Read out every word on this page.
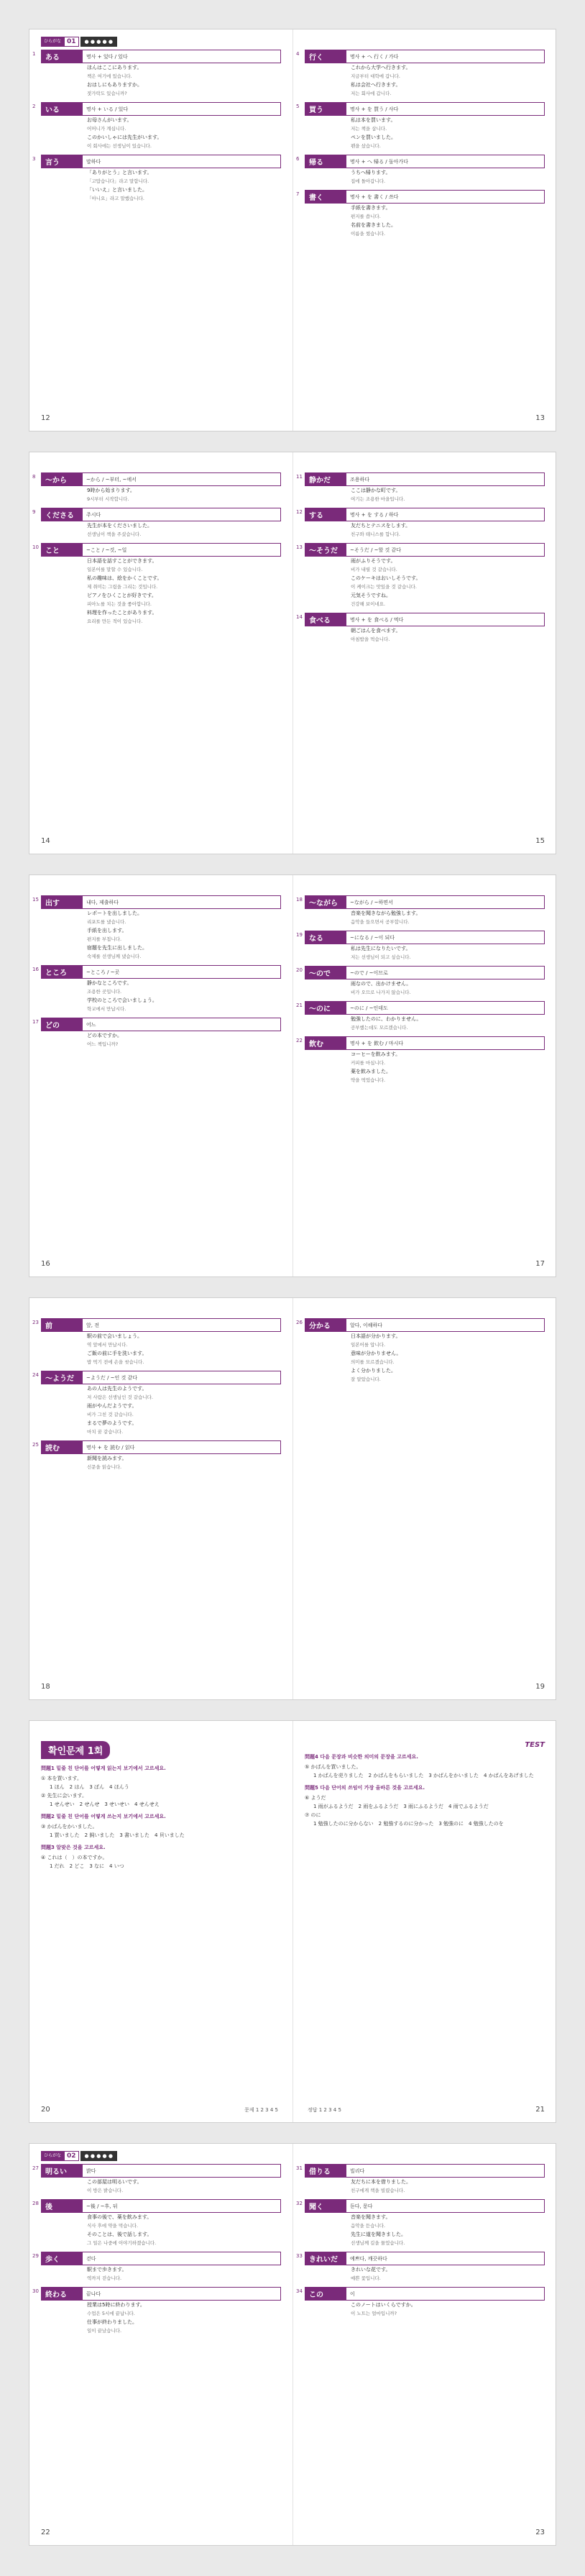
ひらがな 01	● ● ● ● ●
1 ある	명사 + 있다 / 있다
ほんはここにあります。
책은 여기에 있습니다.
おはしにもありますか。
젓가락도 있습니까?
2 いる	명사 + いる / 있다
お母さんがいます。
어머니가 계십니다.
このかいしゃには先生がいます。
이 회사에는 선생님이 있습니다.
3 言う	말하다
「ありがとう」と言います。
「고맙습니다」라고 말합니다.
「いいえ」と言いました。
「아니요」라고 말했습니다.
12
4 行く	명사 + へ 行く / 가다
これから大学へ行きます。
지금부터 대학에 갑니다.
私は会社へ行きます。
저는 회사에 갑니다.
5 買う	명사 + を 買う / 사다
私は本を買います。
저는 책을 삽니다.
ペンを買いました。
펜을 샀습니다.
6 帰る	명사 + へ 帰る / 돌아가다
うちへ帰ります。
집에 돌아갑니다.
7 書く	명사 + を 書く / 쓰다
手紙を書きます。
편지를 씁니다.
名前を書きました。
이름을 썼습니다.
13
8 ～から	~から / ~부터, ~에서
9時から始まります。
9시부터 시작합니다.
9 くださる	주시다
先生が本をくださいました。
선생님이 책을 주셨습니다.
10 こと	~こと / ~것, ~일
日本語を話すことができます。
일본어를 말할 수 있습니다.
私の趣味は、絵をかくことです。
제 취미는 그림을 그리는 것입니다.
ピアノをひくことが好きです。
피아노를 치는 것을 좋아합니다.
料理を作ったことがあります。
요리를 만든 적이 있습니다.
14
11 静かだ	조용하다
ここは静かな町です。
여기는 조용한 마을입니다.
12 する	명사 + を する / 하다
友だちとテニスをします。
친구와 테니스를 합니다.
13 ～そうだ	~そうだ / ~할 것 같다
雨がふりそうです。
비가 내릴 것 같습니다.
このケーキはおいしそうです。
이 케이크는 맛있을 것 같습니다.
元気そうですね。
건강해 보이네요.
14 食べる	명사 + を 食べる / 먹다
朝ごはんを食べます。
아침밥을 먹습니다.
15
15 出す	내다, 제출하다
レポートを出しました。
리포트를 냈습니다.
手紙を出します。
편지를 부칩니다.
宿題を先生に出しました。
숙제를 선생님께 냈습니다.
16 ところ	~ところ / ~곳
静かなところです。
조용한 곳입니다.
学校のところで会いましょう。
학교에서 만납시다.
17 どの	어느
どの本ですか。
어느 책입니까?
16
18 ～ながら	~ながら / ~하면서
音楽を聞きながら勉強します。
음악을 들으면서 공부합니다.
19 なる	~になる / ~이 되다
私は先生になりたいです。
저는 선생님이 되고 싶습니다.
20 ～ので	~ので / ~이므로
雨なので、出かけません。
비가 오므로 나가지 않습니다.
21 ～のに	~のに / ~인데도
勉強したのに、わかりません。
공부했는데도 모르겠습니다.
22 飲む	명사 + を 飲む / 마시다
コーヒーを飲みます。
커피를 마십니다.
薬を飲みました。
약을 먹었습니다.
17
23 前	앞, 전
駅の前で会いましょう。
역 앞에서 만납시다.
ご飯の前に手を洗います。
밥 먹기 전에 손을 씻습니다.
24 ～ようだ	~ようだ / ~인 것 같다
あの人は先生のようです。
저 사람은 선생님인 것 같습니다.
雨がやんだようです。
비가 그친 것 같습니다.
まるで夢のようです。
마치 꿈 같습니다.
25 読む	명사 + を 読む / 읽다
新聞を読みます。
신문을 읽습니다.
18
26 分かる	알다, 이해하다
日本語が分かります。
일본어를 압니다.
意味が分かりません。
의미를 모르겠습니다.
よく分かりました。
잘 알았습니다.
19
확인문제 1회
問題1 밑줄 친 단어를 어떻게 읽는지 보기에서 고르세요.
① 本を買います。
1 ほん　2 はん　3 ぼん　4 ほんう
② 先生に会います。
1 せんせい　2 せんせ　3 せいせい　4 せんせえ
問題2 밑줄 친 단어를 어떻게 쓰는지 보기에서 고르세요.
③ かばんをかいました。
1 買いました　2 飼いました　3 書いました　4 貝いました
問題3 알맞은 것을 고르세요.
④ これは（　）の本ですか。
1 だれ　2 どこ　3 なに　4 いつ
문제 1 2 3 4 5
20
TEST
問題4 다음 문장과 비슷한 의미의 문장을 고르세요.
⑤ かばんを買いました。
1 かばんを売りました　2 かばんをもらいました　3 かばんをかいました　4 かばんをあげました
問題5 다음 단어의 쓰임이 가장 올바른 것을 고르세요.
⑥ ようだ
1 雨がふるようだ　2 雨をふるようだ　3 雨にふるようだ　4 雨でふるようだ
⑦ のに
1 勉強したのに分からない　2 勉強するのに分かった　3 勉強のに　4 勉強したのを
정답 1 2 3 4 5	21
ひらがな 02	● ● ● ● ●
27 明るい	밝다
この部屋は明るいです。
이 방은 밝습니다.
28 後	~後 / ~후, 뒤
食事の後で、薬を飲みます。
식사 후에 약을 먹습니다.
そのことは、後で話します。
그 일은 나중에 이야기하겠습니다.
29 歩く	걷다
駅まで歩きます。
역까지 걷습니다.
30 終わる	끝나다
授業は5時に終わります。
수업은 5시에 끝납니다.
仕事が終わりました。
일이 끝났습니다.
22
31 借りる	빌리다
友だちに本を借りました。
친구에게 책을 빌렸습니다.
32 聞く	듣다, 묻다
音楽を聞きます。
음악을 듣습니다.
先生に道を聞きました。
선생님께 길을 물었습니다.
33 きれいだ	예쁘다, 깨끗하다
きれいな花です。
예쁜 꽃입니다.
34 この	이
このノートはいくらですか。
이 노트는 얼마입니까?
23
